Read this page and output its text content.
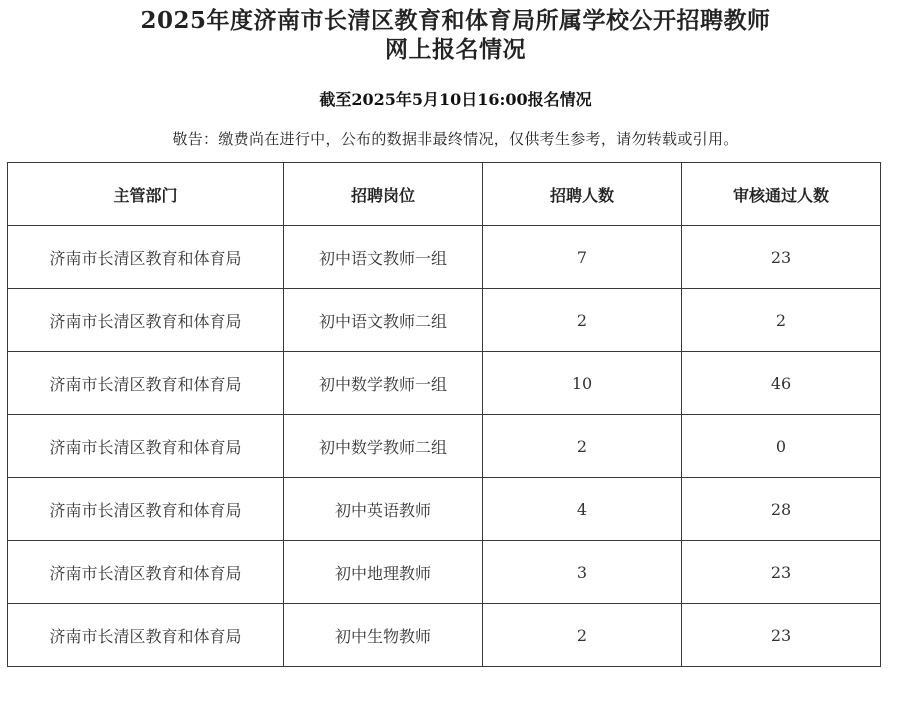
2025年度济南市长清区教育和体育局所属学校公开招聘教师
网上报名情况
截至2025年5月10日16:00报名情况
敬告：缴费尚在进行中，公布的数据非最终情况，仅供考生参考，请勿转载或引用。
主管部门	招聘岗位	招聘人数	审核通过人数
济南市长清区教育和体育局	初中语文教师一组	7	23
济南市长清区教育和体育局	初中语文教师二组	2	2
济南市长清区教育和体育局	初中数学教师一组	10	46
济南市长清区教育和体育局	初中数学教师二组	2	0
济南市长清区教育和体育局	初中英语教师	4	28
济南市长清区教育和体育局	初中地理教师	3	23
济南市长清区教育和体育局	初中生物教师	2	23
